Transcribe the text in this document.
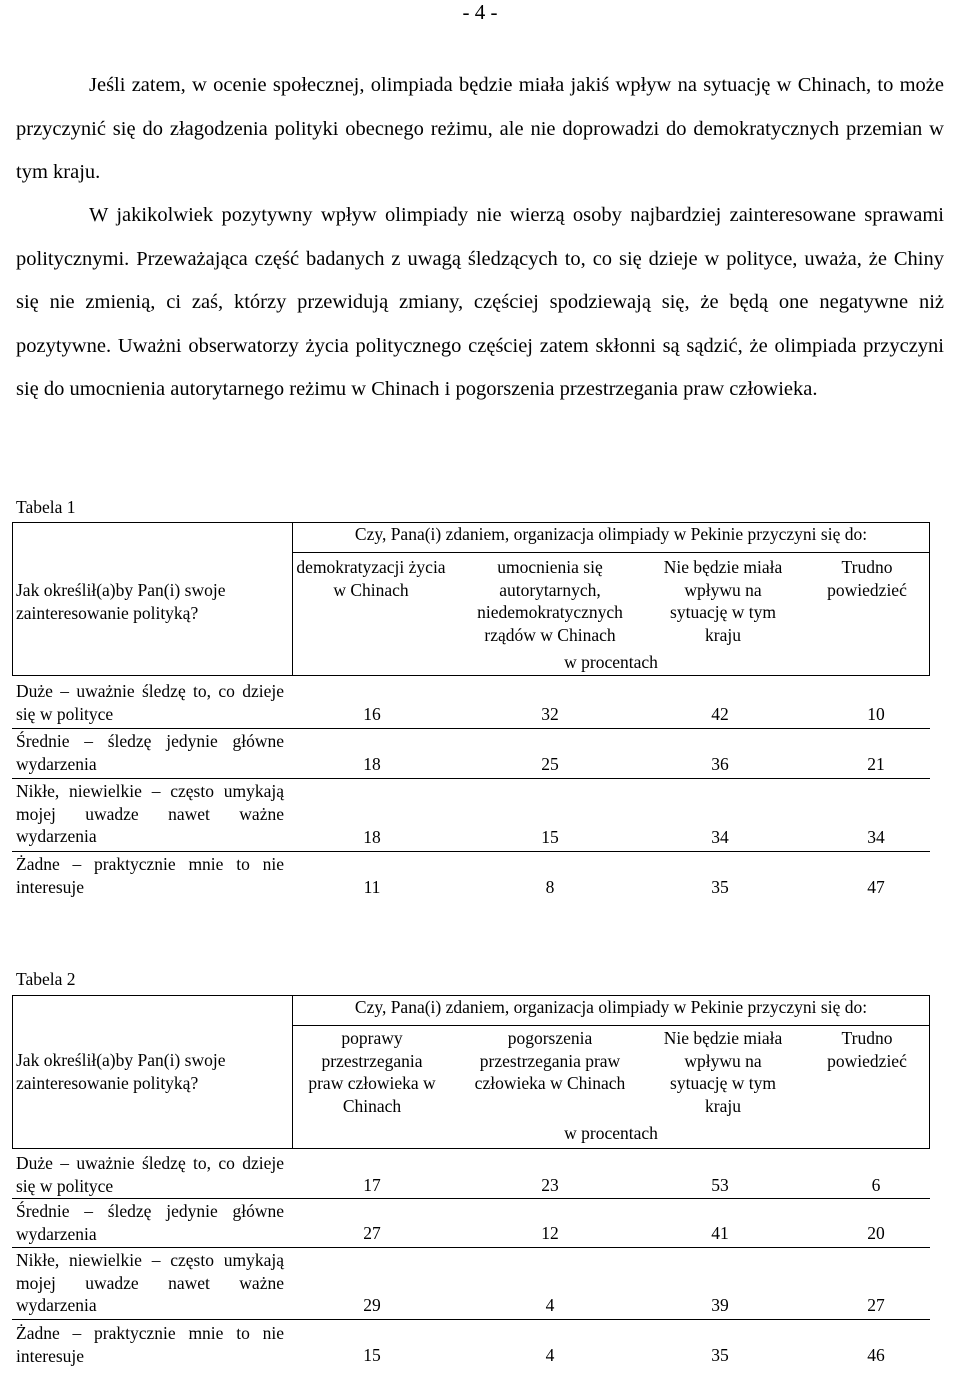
- 4 -

Jeśli zatem, w ocenie społecznej, olimpiada będzie miała jakiś wpływ na sytuację w Chinach, to może przyczynić się do złagodzenia polityki obecnego reżimu, ale nie doprowadzi do demokratycznych przemian w tym kraju.

W jakikolwiek pozytywny wpływ olimpiady nie wierzą osoby najbardziej zainteresowane sprawami politycznymi. Przeważająca część badanych z uwagą śledzących to, co się dzieje w polityce, uważa, że Chiny się nie zmienią, ci zaś, którzy przewidują zmiany, częściej spodziewają się, że będą one negatywne niż pozytywne. Uważni obserwatorzy życia politycznego częściej zatem skłonni są sądzić, że olimpiada przyczyni się do umocnienia autorytarnego reżimu w Chinach i pogorszenia przestrzegania praw człowieka.

Tabela 1
Jak określił(a)by Pan(i) swoje zainteresowanie polityką?
Czy, Pana(i) zdaniem, organizacja olimpiady w Pekinie przyczyni się do:
demokratyzacji życia w Chinach
umocnienia się autorytarnych, niedemokratycznych rządów w Chinach
Nie będzie miała wpływu na sytuację w tym kraju
Trudno powiedzieć
w procentach
Duże – uważnie śledzę to, co dzieje się w polityce	16	32	42	10
Średnie – śledzę jedynie główne wydarzenia	18	25	36	21
Nikłe, niewielkie – często umykają mojej uwadze nawet ważne wydarzenia	18	15	34	34
Żadne – praktycznie mnie to nie interesuje	11	8	35	47
Tabela 2
Jak określił(a)by Pan(i) swoje zainteresowanie polityką?
Czy, Pana(i) zdaniem, organizacja olimpiady w Pekinie przyczyni się do:
poprawy przestrzegania praw człowieka w Chinach
pogorszenia przestrzegania praw człowieka w Chinach
Nie będzie miała wpływu na sytuację w tym kraju
Trudno powiedzieć
w procentach
Duże – uważnie śledzę to, co dzieje się w polityce	17	23	53	6
Średnie – śledzę jedynie główne wydarzenia	27	12	41	20
Nikłe, niewielkie – często umykają mojej uwadze nawet ważne wydarzenia	29	4	39	27
Żadne – praktycznie mnie to nie interesuje	15	4	35	46
